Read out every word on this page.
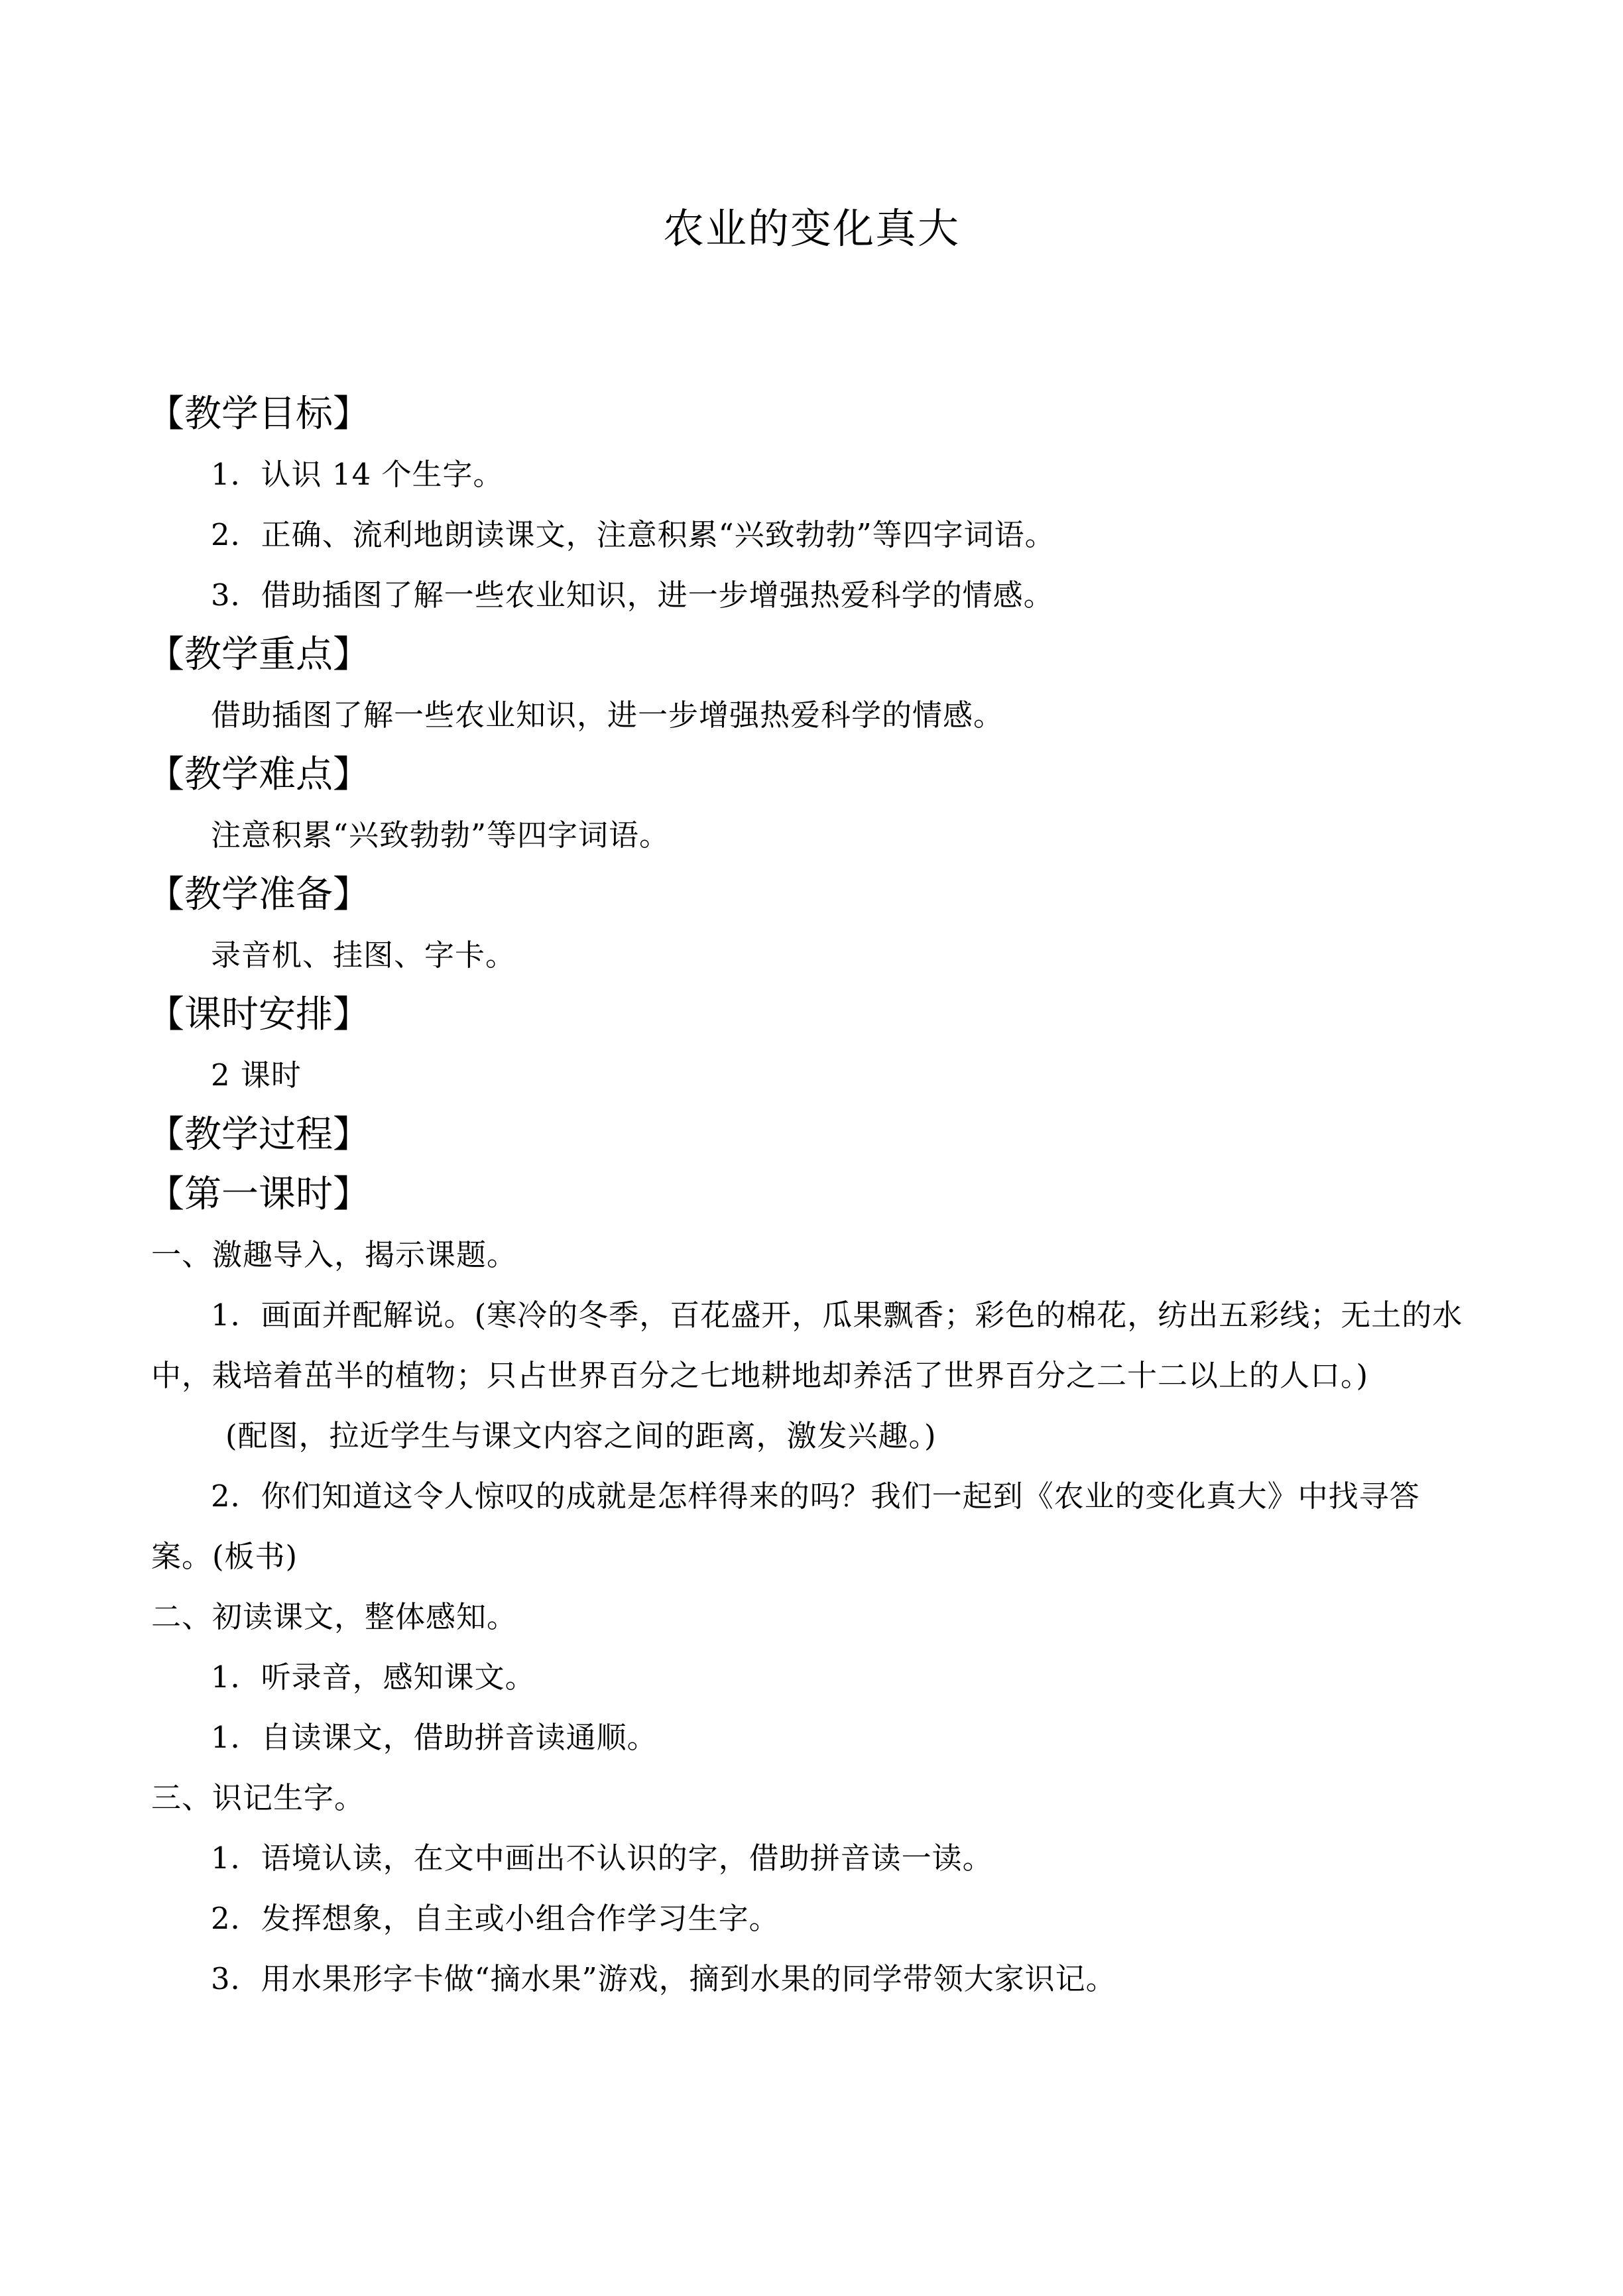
农业的变化真大
【教学目标】
1．认识 14 个生字。
2．正确、流利地朗读课文，注意积累“兴致勃勃”等四字词语。
3．借助插图了解一些农业知识，进一步增强热爱科学的情感。
【教学重点】
借助插图了解一些农业知识，进一步增强热爱科学的情感。
【教学难点】
注意积累“兴致勃勃”等四字词语。
【教学准备】
录音机、挂图、字卡。
【课时安排】
2 课时
【教学过程】
【第一课时】
一、激趣导入，揭示课题。
1．画面并配解说。(寒冷的冬季，百花盛开，瓜果飘香；彩色的棉花，纺出五彩线；无土的水中，栽培着茁半的植物；只占世界百分之七地耕地却养活了世界百分之二十二以上的人口。)
(配图，拉近学生与课文内容之间的距离，激发兴趣。)
2．你们知道这令人惊叹的成就是怎样得来的吗？我们一起到《农业的变化真大》中找寻答案。(板书)
二、初读课文，整体感知。
1．听录音，感知课文。
1．自读课文，借助拼音读通顺。
三、识记生字。
1．语境认读，在文中画出不认识的字，借助拼音读一读。
2．发挥想象，自主或小组合作学习生字。
3．用水果形字卡做“摘水果”游戏，摘到水果的同学带领大家识记。
